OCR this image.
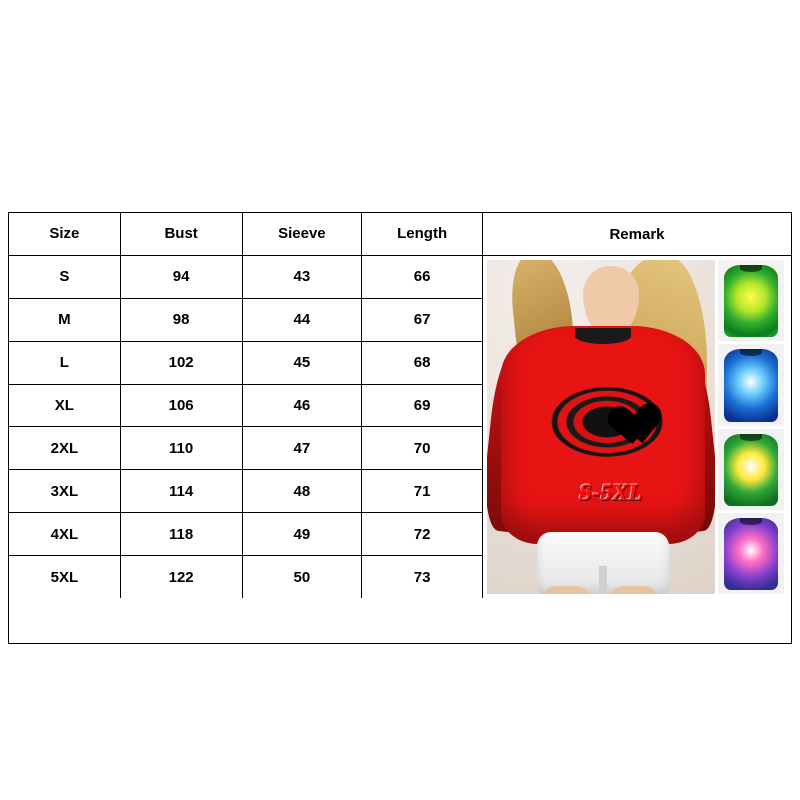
Size	Bust	Sieeve	Length
S	94	43	66
M	98	44	67
L	102	45	68
XL	106	46	69
2XL	110	47	70
3XL	114	48	71
4XL	118	49	72
5XL	122	50	73
Remark
S-5XL
